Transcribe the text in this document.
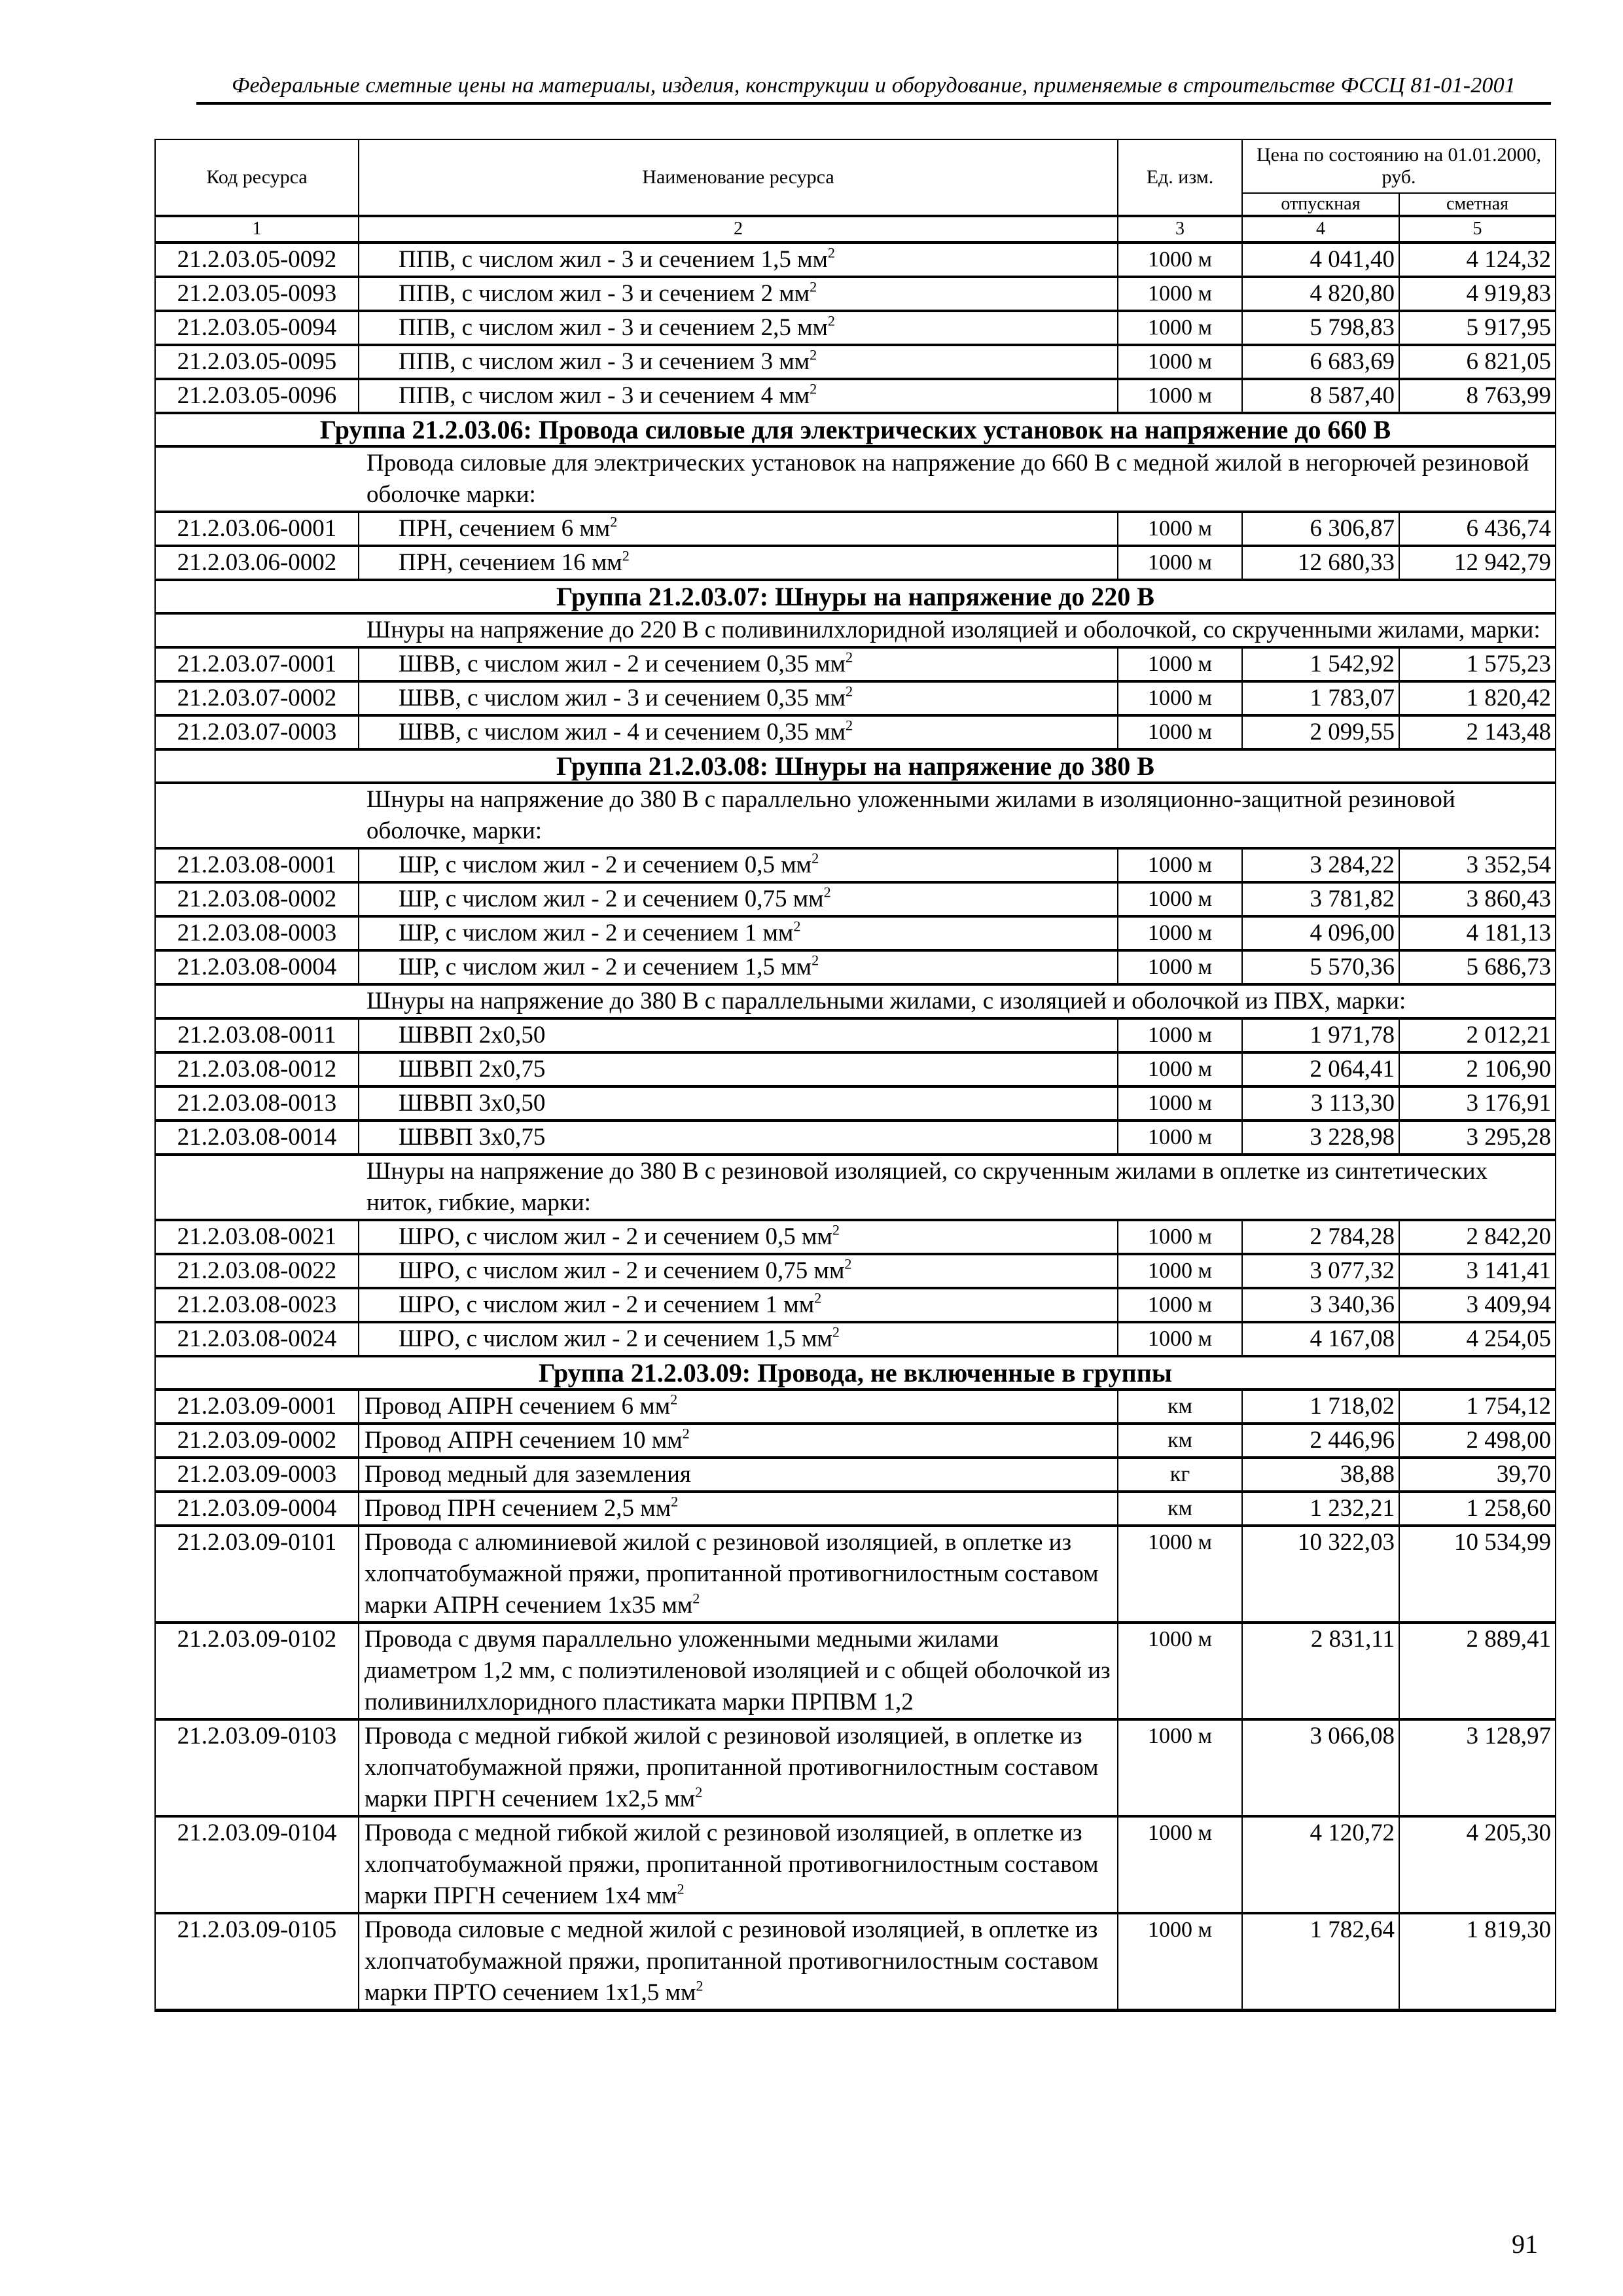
Федеральные сметные цены на материалы, изделия, конструкции и оборудование, применяемые в строительстве ФССЦ 81-01-2001
Код ресурса	Наименование ресурса	Ед. изм.	Цена по состоянию на 01.01.2000, руб.	
			отпускная	сметная
1	2	3	4	5
21.2.03.05-0092	ППВ, с числом жил - 3 и сечением 1,5 $мм^2$	1000 м	4 041,40	4 124,32
21.2.03.05-0093	ППВ, с числом жил - 3 и сечением 2 $мм^2$	1000 м	4 820,80	4 919,83
21.2.03.05-0094	ППВ, с числом жил - 3 и сечением 2,5 $мм^2$	1000 м	5 798,83	5 917,95
21.2.03.05-0095	ППВ, с числом жил - 3 и сечением 3 $мм^2$	1000 м	6 683,69	6 821,05
21.2.03.05-0096	ППВ, с числом жил - 3 и сечением 4 $мм^2$	1000 м	8 587,40	8 763,99
Группа 21.2.03.06: Провода силовые для электрических установок на напряжение до 660 В				
	Провода силовые для электрических установок на напряжение до 660 В с медной жилой в негорючей резиновой оболочке марки:			
21.2.03.06-0001	ПРН, сечением 6 $мм^2$	1000 м	6 306,87	6 436,74
21.2.03.06-0002	ПРН, сечением 16 $мм^2$	1000 м	12 680,33	12 942,79
Группа 21.2.03.07: Шнуры на напряжение до 220 В				
	Шнуры на напряжение до 220 В с поливинилхлоридной изоляцией и оболочкой, со скрученными жилами, марки:			
21.2.03.07-0001	ШВВ, с числом жил - 2 и сечением 0,35 $мм^2$	1000 м	1 542,92	1 575,23
21.2.03.07-0002	ШВВ, с числом жил - 3 и сечением 0,35 $мм^2$	1000 м	1 783,07	1 820,42
21.2.03.07-0003	ШВВ, с числом жил - 4 и сечением 0,35 $мм^2$	1000 м	2 099,55	2 143,48
Группа 21.2.03.08: Шнуры на напряжение до 380 В				
	Шнуры на напряжение до 380 В с параллельно уложенными жилами в изоляционно-защитной резиновой оболочке, марки:			
21.2.03.08-0001	ШР, с числом жил - 2 и сечением 0,5 $мм^2$	1000 м	3 284,22	3 352,54
21.2.03.08-0002	ШР, с числом жил - 2 и сечением 0,75 $мм^2$	1000 м	3 781,82	3 860,43
21.2.03.08-0003	ШР, с числом жил - 2 и сечением 1 $мм^2$	1000 м	4 096,00	4 181,13
21.2.03.08-0004	ШР, с числом жил - 2 и сечением 1,5 $мм^2$	1000 м	5 570,36	5 686,73
	Шнуры на напряжение до 380 В с параллельными жилами, с изоляцией и оболочкой из ПВХ, марки:			
21.2.03.08-0011	ШВВП 2х0,50	1000 м	1 971,78	2 012,21
21.2.03.08-0012	ШВВП 2х0,75	1000 м	2 064,41	2 106,90
21.2.03.08-0013	ШВВП 3х0,50	1000 м	3 113,30	3 176,91
21.2.03.08-0014	ШВВП 3х0,75	1000 м	3 228,98	3 295,28
	Шнуры на напряжение до 380 В с резиновой изоляцией, со скрученным жилами в оплетке из синтетических ниток, гибкие, марки:			
21.2.03.08-0021	ШРО, с числом жил - 2 и сечением 0,5 $мм^2$	1000 м	2 784,28	2 842,20
21.2.03.08-0022	ШРО, с числом жил - 2 и сечением 0,75 $мм^2$	1000 м	3 077,32	3 141,41
21.2.03.08-0023	ШРО, с числом жил - 2 и сечением 1 $мм^2$	1000 м	3 340,36	3 409,94
21.2.03.08-0024	ШРО, с числом жил - 2 и сечением 1,5 $мм^2$	1000 м	4 167,08	4 254,05
Группа 21.2.03.09: Провода, не включенные в группы				
21.2.03.09-0001	Провод АПРН сечением 6 $мм^2$	км	1 718,02	1 754,12
21.2.03.09-0002	Провод АПРН сечением 10 $мм^2$	км	2 446,96	2 498,00
21.2.03.09-0003	Провод медный для заземления	кг	38,88	39,70
21.2.03.09-0004	Провод ПРН сечением 2,5 $мм^2$	км	1 232,21	1 258,60
21.2.03.09-0101	Провода с алюминиевой жилой с резиновой изоляцией, в оплетке из хлопчатобумажной пряжи, пропитанной противогнилостным составом марки АПРН сечением 1х35 $мм^2$	1000 м	10 322,03	10 534,99
21.2.03.09-0102	Провода с двумя параллельно уложенными медными жилами диаметром 1,2 мм, с полиэтиленовой изоляцией и с общей оболочкой из поливинилхлоридного пластиката марки ПРПВМ 1,2	1000 м	2 831,11	2 889,41
21.2.03.09-0103	Провода с медной гибкой жилой с резиновой изоляцией, в оплетке из хлопчатобумажной пряжи, пропитанной противогнилостным составом марки ПРГН сечением 1х2,5 $мм^2$	1000 м	3 066,08	3 128,97
21.2.03.09-0104	Провода с медной гибкой жилой с резиновой изоляцией, в оплетке из хлопчатобумажной пряжи, пропитанной противогнилостным составом марки ПРГН сечением 1х4 $мм^2$	1000 м	4 120,72	4 205,30
21.2.03.09-0105	Провода силовые с медной жилой с резиновой изоляцией, в оплетке из хлопчатобумажной пряжи, пропитанной противогнилостным составом марки ПРТО сечением 1х1,5 $мм^2$	1000 м	1 782,64	1 819,30
91
